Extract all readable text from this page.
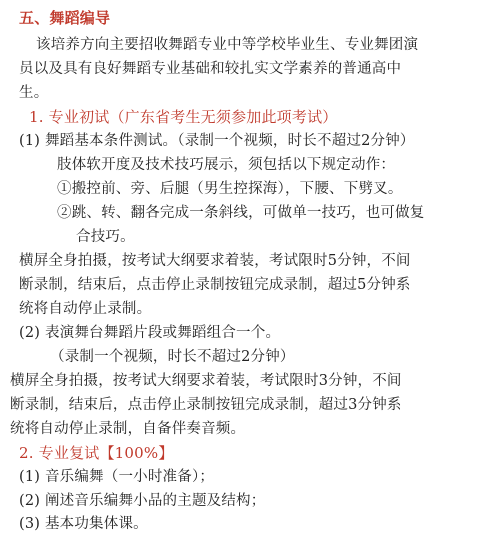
五、舞蹈编导
该培养方向主要招收舞蹈专业中等学校毕业生、专业舞团演
员以及具有良好舞蹈专业基础和较扎实文学素养的普通高中
生。
1. 专业初试（广东省考生无须参加此项考试）
(1) 舞蹈基本条件测试。（录制一个视频，时长不超过2分钟）
肢体软开度及技术技巧展示，须包括以下规定动作：
①搬控前、旁、后腿（男生控探海），下腰、下劈叉。
②跳、转、翻各完成一条斜线，可做单一技巧，也可做复
合技巧。
横屏全身拍摄，按考试大纲要求着装，考试限时5分钟，不间
断录制，结束后，点击停止录制按钮完成录制，超过5分钟系
统将自动停止录制。
(2) 表演舞台舞蹈片段或舞蹈组合一个。
（录制一个视频，时长不超过2分钟）
横屏全身拍摄，按考试大纲要求着装，考试限时3分钟，不间
断录制，结束后，点击停止录制按钮完成录制，超过3分钟系
统将自动停止录制，自备伴奏音频。
2. 专业复试【100%】
(1) 音乐编舞（一小时准备）；
(2) 阐述音乐编舞小品的主题及结构；
(3) 基本功集体课。
